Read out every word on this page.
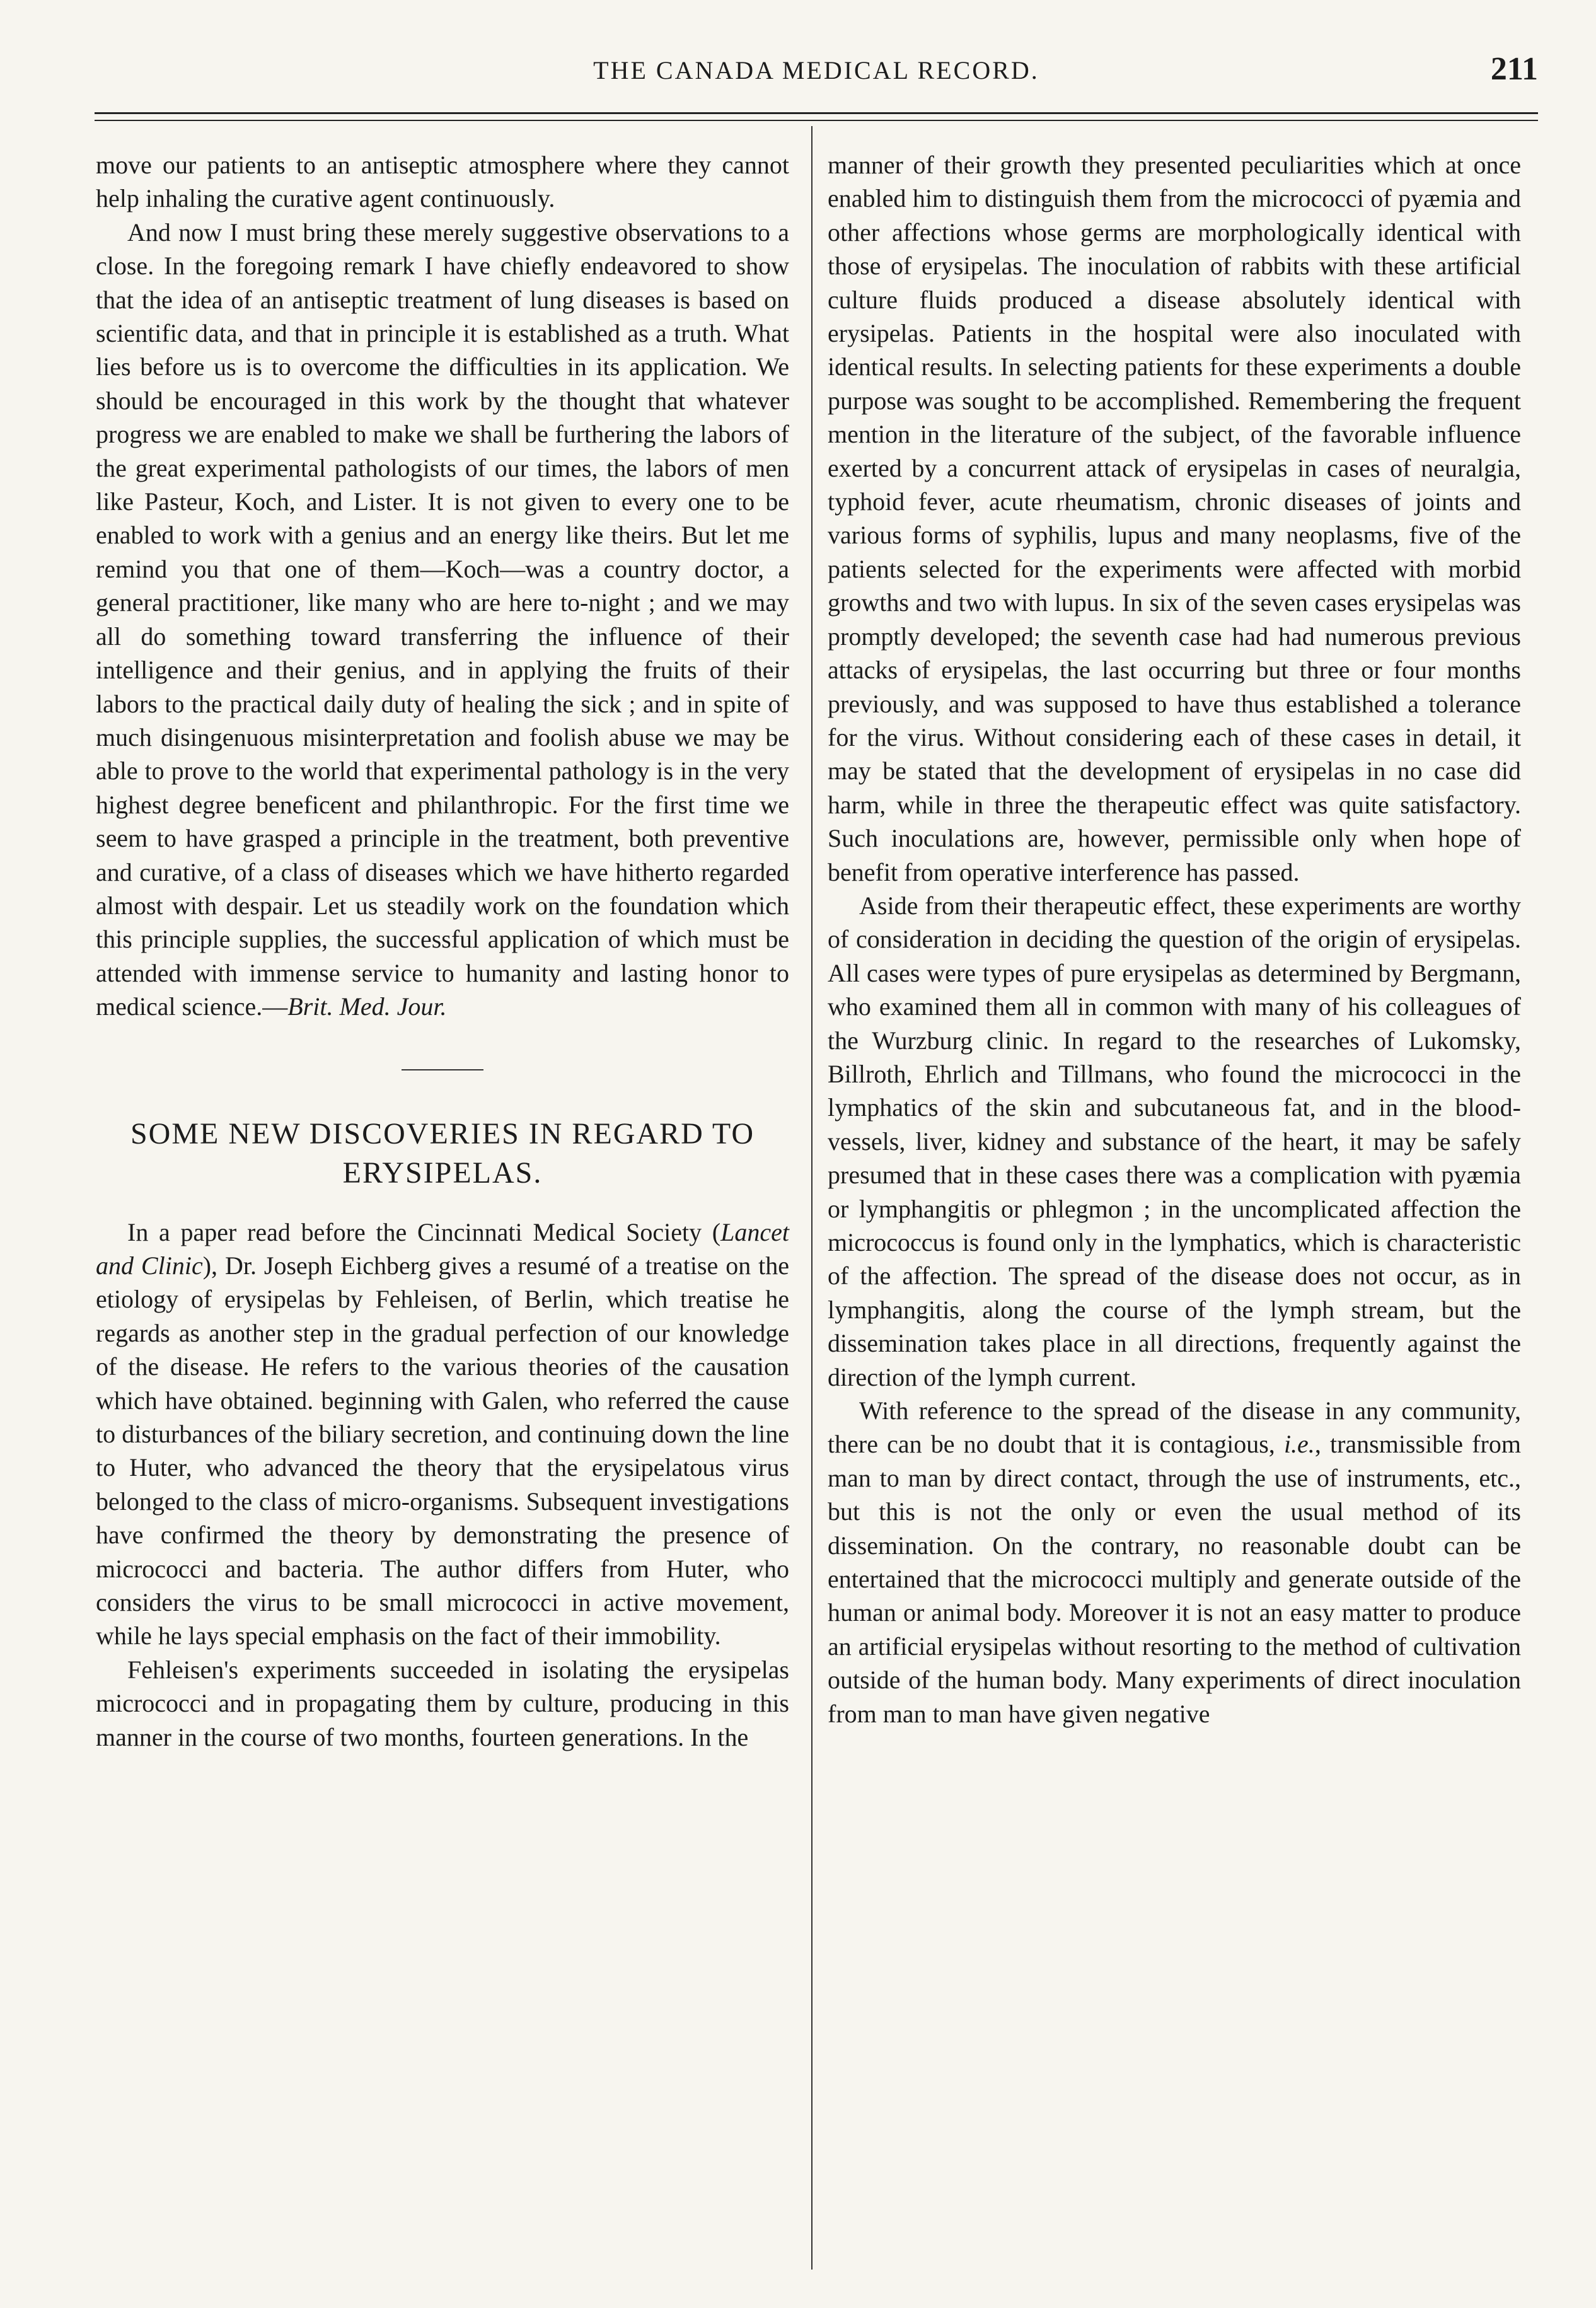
THE CANADA MEDICAL RECORD.	211

move our patients to an antiseptic atmosphere where they cannot help inhaling the curative agent continuously.

And now I must bring these merely suggestive observations to a close. In the foregoing remark I have chiefly endeavored to show that the idea of an antiseptic treatment of lung diseases is based on scientific data, and that in principle it is established as a truth. What lies before us is to overcome the difficulties in its application. We should be encouraged in this work by the thought that whatever progress we are enabled to make we shall be furthering the labors of the great experimental pathologists of our times, the labors of men like Pasteur, Koch, and Lister. It is not given to every one to be enabled to work with a genius and an energy like theirs. But let me remind you that one of them—Koch—was a country doctor, a general practitioner, like many who are here to-night ; and we may all do something toward transferring the influence of their intelligence and their genius, and in applying the fruits of their labors to the practical daily duty of healing the sick ; and in spite of much disingenuous misinterpretation and foolish abuse we may be able to prove to the world that experimental pathology is in the very highest degree beneficent and philanthropic. For the first time we seem to have grasped a principle in the treatment, both preventive and curative, of a class of diseases which we have hitherto regarded almost with despair. Let us steadily work on the foundation which this principle supplies, the successful application of which must be attended with immense service to humanity and lasting honor to medical science.—Brit. Med. Jour.

SOME NEW DISCOVERIES IN REGARD TO ERYSIPELAS.

In a paper read before the Cincinnati Medical Society (Lancet and Clinic), Dr. Joseph Eichberg gives a resumé of a treatise on the etiology of erysipelas by Fehleisen, of Berlin, which treatise he regards as another step in the gradual perfection of our knowledge of the disease. He refers to the various theories of the causation which have obtained. beginning with Galen, who referred the cause to disturbances of the biliary secretion, and continuing down the line to Huter, who advanced the theory that the erysipelatous virus belonged to the class of micro-organisms. Subsequent investigations have confirmed the theory by demonstrating the presence of micrococci and bacteria. The author differs from Huter, who considers the virus to be small micrococci in active movement, while he lays special emphasis on the fact of their immobility.

Fehleisen's experiments succeeded in isolating the erysipelas micrococci and in propagating them by culture, producing in this manner in the course of two months, fourteen generations. In the

manner of their growth they presented peculiarities which at once enabled him to distinguish them from the micrococci of pyæmia and other affections whose germs are morphologically identical with those of erysipelas. The inoculation of rabbits with these artificial culture fluids produced a disease absolutely identical with erysipelas. Patients in the hospital were also inoculated with identical results. In selecting patients for these experiments a double purpose was sought to be accomplished. Remembering the frequent mention in the literature of the subject, of the favorable influence exerted by a concurrent attack of erysipelas in cases of neuralgia, typhoid fever, acute rheumatism, chronic diseases of joints and various forms of syphilis, lupus and many neoplasms, five of the patients selected for the experiments were affected with morbid growths and two with lupus. In six of the seven cases erysipelas was promptly developed; the seventh case had had numerous previous attacks of erysipelas, the last occurring but three or four months previously, and was supposed to have thus established a tolerance for the virus. Without considering each of these cases in detail, it may be stated that the development of erysipelas in no case did harm, while in three the therapeutic effect was quite satisfactory. Such inoculations are, however, permissible only when hope of benefit from operative interference has passed.

Aside from their therapeutic effect, these experiments are worthy of consideration in deciding the question of the origin of erysipelas. All cases were types of pure erysipelas as determined by Bergmann, who examined them all in common with many of his colleagues of the Wurzburg clinic. In regard to the researches of Lukomsky, Billroth, Ehrlich and Tillmans, who found the micrococci in the lymphatics of the skin and subcutaneous fat, and in the blood-vessels, liver, kidney and substance of the heart, it may be safely presumed that in these cases there was a complication with pyæmia or lymphangitis or phlegmon ; in the uncomplicated affection the micrococcus is found only in the lymphatics, which is characteristic of the affection. The spread of the disease does not occur, as in lymphangitis, along the course of the lymph stream, but the dissemination takes place in all directions, frequently against the direction of the lymph current.

With reference to the spread of the disease in any community, there can be no doubt that it is contagious, i.e., transmissible from man to man by direct contact, through the use of instruments, etc., but this is not the only or even the usual method of its dissemination. On the contrary, no reasonable doubt can be entertained that the micrococci multiply and generate outside of the human or animal body. Moreover it is not an easy matter to produce an artificial erysipelas without resorting to the method of cultivation outside of the human body. Many experiments of direct inoculation from man to man have given negative
